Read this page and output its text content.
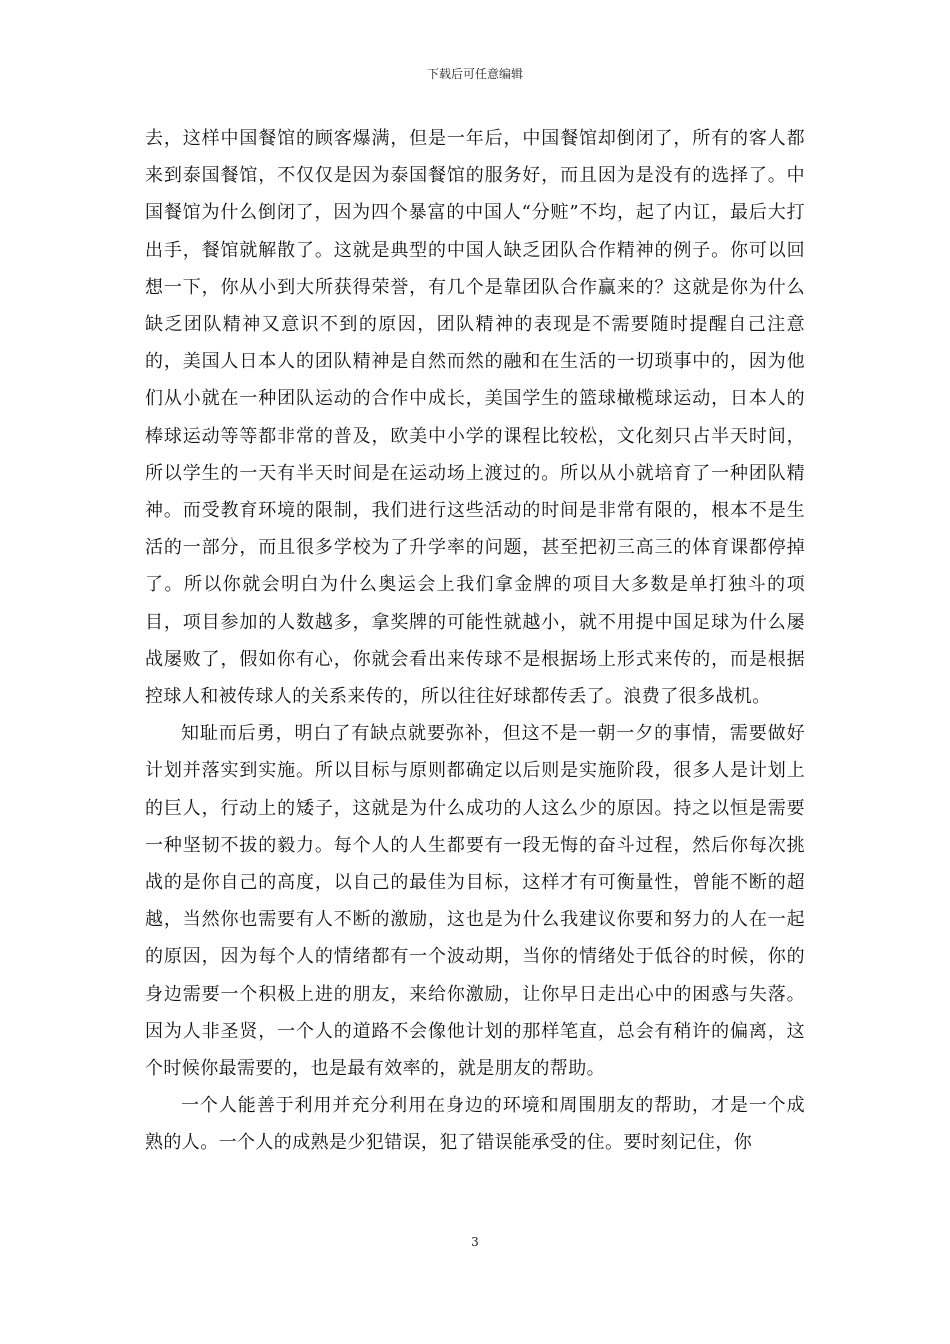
下载后可任意编辑

去，这样中国餐馆的顾客爆满，但是一年后，中国餐馆却倒闭了，所有的客人都来到泰国餐馆，不仅仅是因为泰国餐馆的服务好，而且因为是没有的选择了。中国餐馆为什么倒闭了，因为四个暴富的中国人“分赃”不均，起了内讧，最后大打出手，餐馆就解散了。这就是典型的中国人缺乏团队合作精神的例子。你可以回想一下，你从小到大所获得荣誉，有几个是靠团队合作赢来的？这就是你为什么缺乏团队精神又意识不到的原因，团队精神的表现是不需要随时提醒自己注意的，美国人日本人的团队精神是自然而然的融和在生活的一切琐事中的，因为他们从小就在一种团队运动的合作中成长，美国学生的篮球橄榄球运动，日本人的棒球运动等等都非常的普及，欧美中小学的课程比较松，文化刻只占半天时间，所以学生的一天有半天时间是在运动场上渡过的。所以从小就培育了一种团队精神。而受教育环境的限制，我们进行这些活动的时间是非常有限的，根本不是生活的一部分，而且很多学校为了升学率的问题，甚至把初三高三的体育课都停掉了。所以你就会明白为什么奥运会上我们拿金牌的项目大多数是单打独斗的项目，项目参加的人数越多，拿奖牌的可能性就越小，就不用提中国足球为什么屡战屡败了，假如你有心，你就会看出来传球不是根据场上形式来传的，而是根据控球人和被传球人的关系来传的，所以往往好球都传丢了。浪费了很多战机。

知耻而后勇，明白了有缺点就要弥补，但这不是一朝一夕的事情，需要做好计划并落实到实施。所以目标与原则都确定以后则是实施阶段，很多人是计划上的巨人，行动上的矮子，这就是为什么成功的人这么少的原因。持之以恒是需要一种坚韧不拔的毅力。每个人的人生都要有一段无悔的奋斗过程，然后你每次挑战的是你自己的高度，以自己的最佳为目标，这样才有可衡量性，曾能不断的超越，当然你也需要有人不断的激励，这也是为什么我建议你要和努力的人在一起的原因，因为每个人的情绪都有一个波动期，当你的情绪处于低谷的时候，你的身边需要一个积极上进的朋友，来给你激励，让你早日走出心中的困惑与失落。因为人非圣贤，一个人的道路不会像他计划的那样笔直，总会有稍许的偏离，这个时候你最需要的，也是最有效率的，就是朋友的帮助。

一个人能善于利用并充分利用在身边的环境和周围朋友的帮助，才是一个成熟的人。一个人的成熟是少犯错误，犯了错误能承受的住。要时刻记住，你

3
